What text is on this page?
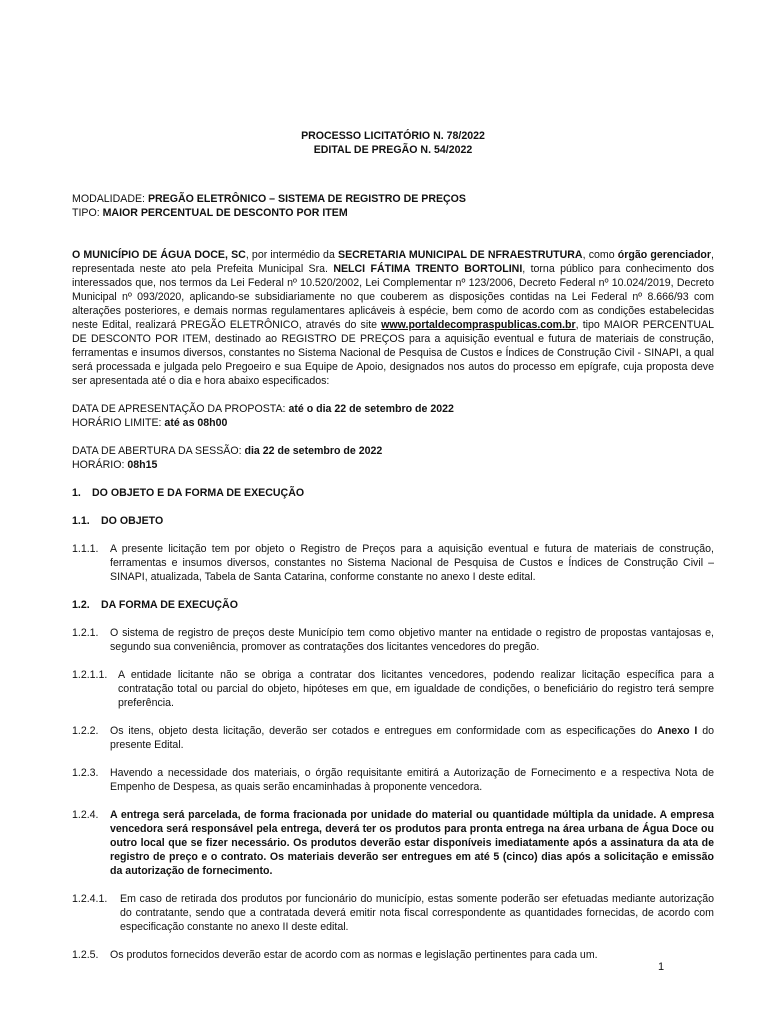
PROCESSO LICITATÓRIO N. 78/2022
EDITAL DE PREGÃO N. 54/2022
MODALIDADE: PREGÃO ELETRÔNICO – SISTEMA DE REGISTRO DE PREÇOS
TIPO: MAIOR PERCENTUAL DE DESCONTO POR ITEM
O MUNICÍPIO DE ÁGUA DOCE, SC, por intermédio da SECRETARIA MUNICIPAL DE NFRAESTRUTURA, como órgão gerenciador, representada neste ato pela Prefeita Municipal Sra. NELCI FÁTIMA TRENTO BORTOLINI, torna público para conhecimento dos interessados que, nos termos da Lei Federal nº 10.520/2002, Lei Complementar nº 123/2006, Decreto Federal nº 10.024/2019, Decreto Municipal nº 093/2020, aplicando-se subsidiariamente no que couberem as disposições contidas na Lei Federal nº 8.666/93 com alterações posteriores, e demais normas regulamentares aplicáveis à espécie, bem como de acordo com as condições estabelecidas neste Edital, realizará PREGÃO ELETRÔNICO, através do site www.portaldecompraspublicas.com.br, tipo MAIOR PERCENTUAL DE DESCONTO POR ITEM, destinado ao REGISTRO DE PREÇOS para a aquisição eventual e futura de materiais de construção, ferramentas e insumos diversos, constantes no Sistema Nacional de Pesquisa de Custos e Índices de Construção Civil - SINAPI, a qual será processada e julgada pelo Pregoeiro e sua Equipe de Apoio, designados nos autos do processo em epígrafe, cuja proposta deve ser apresentada até o dia e hora abaixo especificados:
DATA DE APRESENTAÇÃO DA PROPOSTA: até o dia 22 de setembro de 2022
HORÁRIO LIMITE: até as 08h00
DATA DE ABERTURA DA SESSÃO: dia 22 de setembro de 2022
HORÁRIO: 08h15
1.	DO OBJETO E DA FORMA DE EXECUÇÃO
1.1.	DO OBJETO
1.1.1.	A presente licitação tem por objeto o Registro de Preços para a aquisição eventual e futura de materiais de construção, ferramentas e insumos diversos, constantes no Sistema Nacional de Pesquisa de Custos e Índices de Construção Civil – SINAPI, atualizada, Tabela de Santa Catarina, conforme constante no anexo I deste edital.
1.2.	DA FORMA DE EXECUÇÃO
1.2.1.	O sistema de registro de preços deste Município tem como objetivo manter na entidade o registro de propostas vantajosas e, segundo sua conveniência, promover as contratações dos licitantes vencedores do pregão.
1.2.1.1.	A entidade licitante não se obriga a contratar dos licitantes vencedores, podendo realizar licitação específica para a contratação total ou parcial do objeto, hipóteses em que, em igualdade de condições, o beneficiário do registro terá sempre preferência.
1.2.2.	Os itens, objeto desta licitação, deverão ser cotados e entregues em conformidade com as especificações do Anexo I do presente Edital.
1.2.3.	Havendo a necessidade dos materiais, o órgão requisitante emitirá a Autorização de Fornecimento e a respectiva Nota de Empenho de Despesa, as quais serão encaminhadas à proponente vencedora.
1.2.4.	A entrega será parcelada, de forma fracionada por unidade do material ou quantidade múltipla da unidade. A empresa vencedora será responsável pela entrega, deverá ter os produtos para pronta entrega na área urbana de Água Doce ou outro local que se fizer necessário. Os produtos deverão estar disponíveis imediatamente após a assinatura da ata de registro de preço e o contrato. Os materiais deverão ser entregues em até 5 (cinco) dias após a solicitação e emissão da autorização de fornecimento.
1.2.4.1.	Em caso de retirada dos produtos por funcionário do município, estas somente poderão ser efetuadas mediante autorização do contratante, sendo que a contratada deverá emitir nota fiscal correspondente as quantidades fornecidas, de acordo com especificação constante no anexo II deste edital.
1.2.5.	Os produtos fornecidos deverão estar de acordo com as normas e legislação pertinentes para cada um.
1
